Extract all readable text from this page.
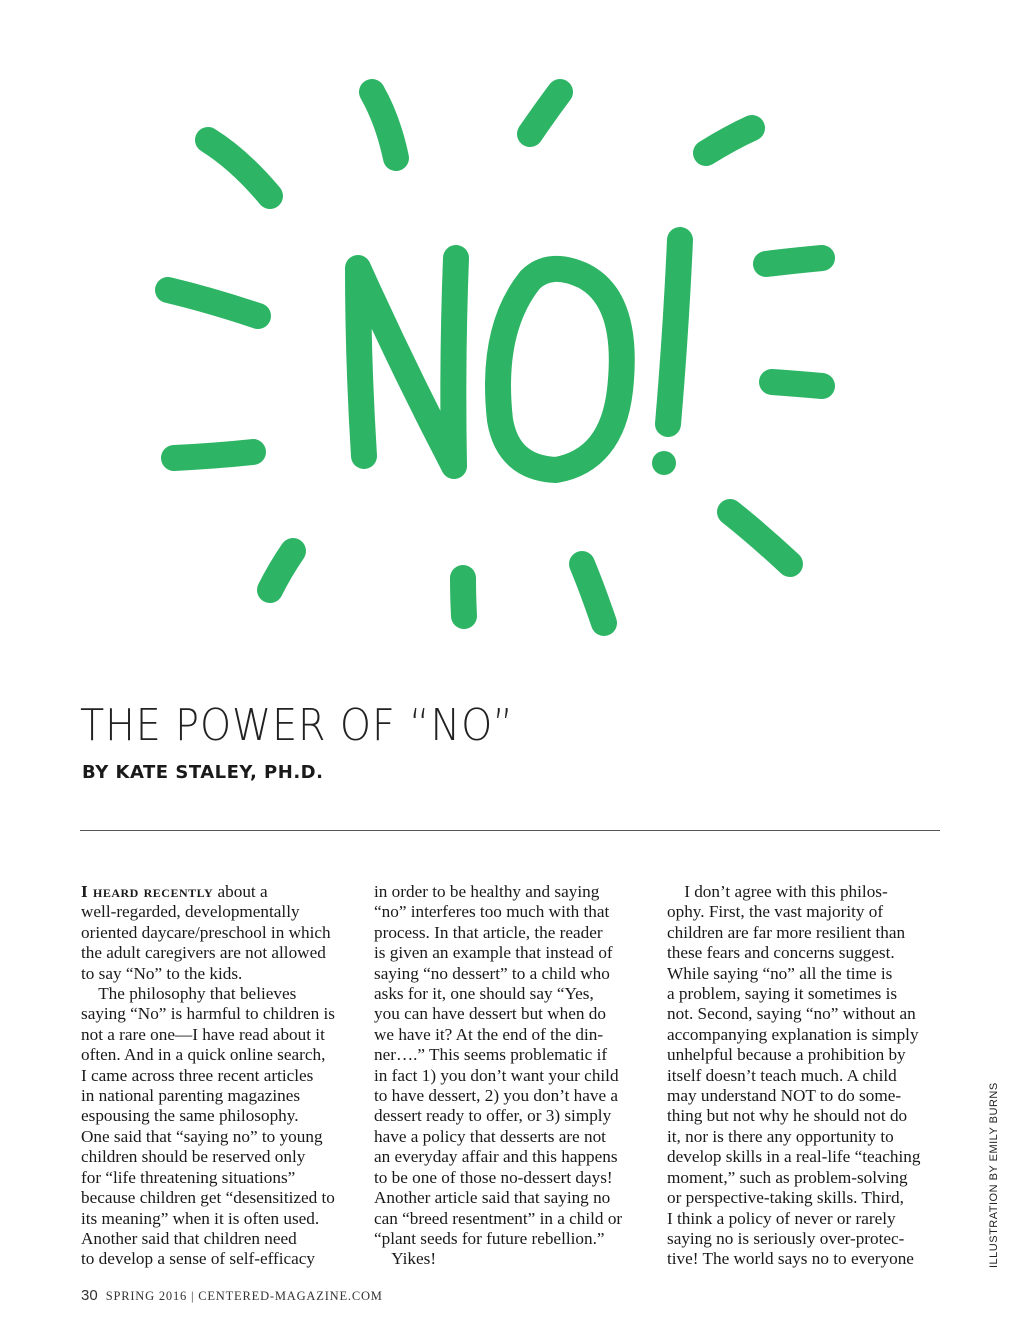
THE POWER OF “NO”
BY KATE STALEY, PH.D.
I heard recently about a
well-regarded, developmentally
oriented daycare/preschool in which
the adult caregivers are not allowed
to say “No” to the kids.
 The philosophy that believes
saying “No” is harmful to children is
not a rare one—I have read about it
often. And in a quick online search,
I came across three recent articles
in national parenting magazines
espousing the same philosophy.
One said that “saying no” to young
children should be reserved only
for “life threatening situations”
because children get “desensitized to
its meaning” when it is often used.
Another said that children need
to develop a sense of self-efficacy
in order to be healthy and saying
“no” interferes too much with that
process. In that article, the reader
is given an example that instead of
saying “no dessert” to a child who
asks for it, one should say “Yes,
you can have dessert but when do
we have it? At the end of the din-
ner….” This seems problematic if
in fact 1) you don’t want your child
to have dessert, 2) you don’t have a
dessert ready to offer, or 3) simply
have a policy that desserts are not
an everyday affair and this happens
to be one of those no-dessert days!
Another article said that saying no
can “breed resentment” in a child or
“plant seeds for future rebellion.”
 Yikes!
 I don’t agree with this philos-
ophy. First, the vast majority of
children are far more resilient than
these fears and concerns suggest.
While saying “no” all the time is
a problem, saying it sometimes is
not. Second, saying “no” without an
accompanying explanation is simply
unhelpful because a prohibition by
itself doesn’t teach much. A child
may understand NOT to do some-
thing but not why he should not do
it, nor is there any opportunity to
develop skills in a real-life “teaching
moment,” such as problem-solving
or perspective-taking skills. Third,
I think a policy of never or rarely
saying no is seriously over-protec-
tive! The world says no to everyone	ILLUSTRATION BY EMILY BURNS
30 SPRING 2016 | CENTERED-MAGAZINE.COM
